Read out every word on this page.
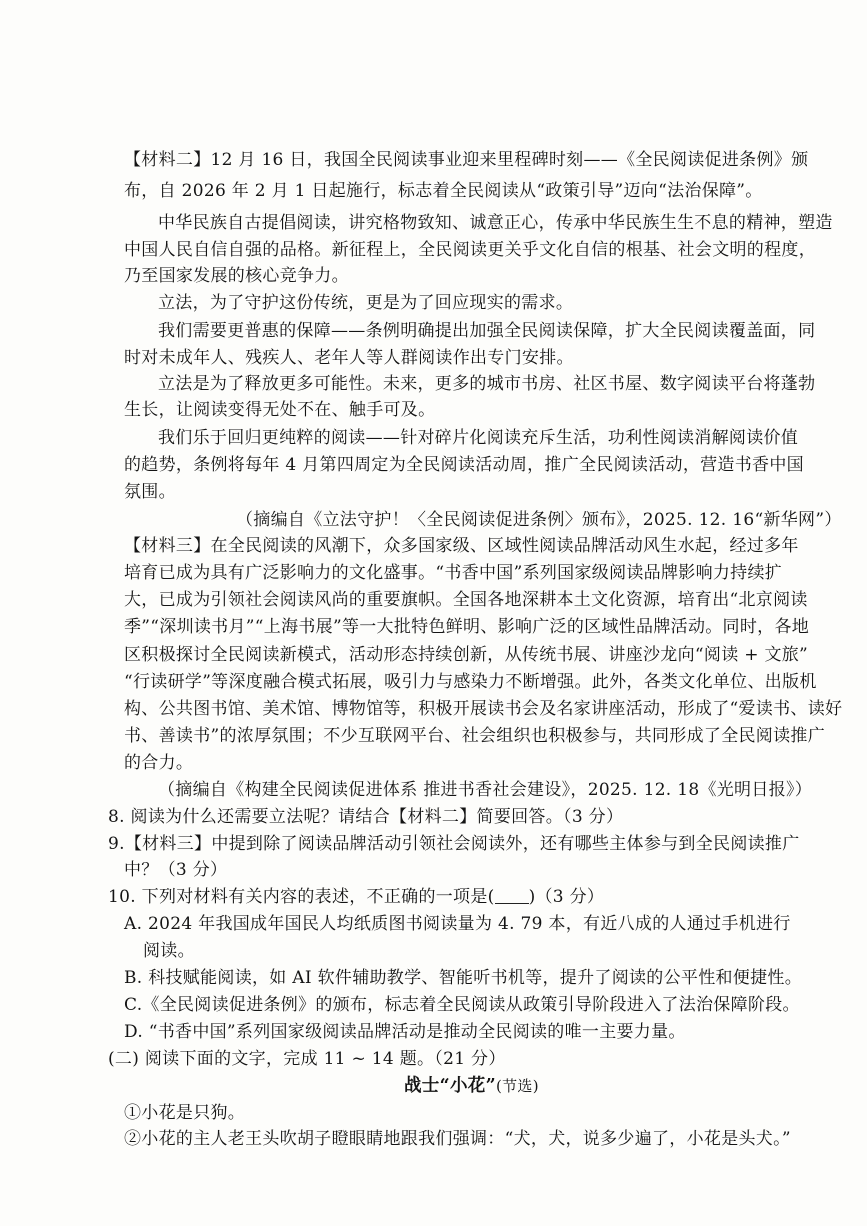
【材料二】12 月 16 日，我国全民阅读事业迎来里程碑时刻——《全民阅读促进条例》颁
布，自 2026 年 2 月 1 日起施行，标志着全民阅读从“政策引导”迈向“法治保障”。
中华民族自古提倡阅读，讲究格物致知、诚意正心，传承中华民族生生不息的精神，塑造
中国人民自信自强的品格。新征程上，全民阅读更关乎文化自信的根基、社会文明的程度，
乃至国家发展的核心竞争力。
立法，为了守护这份传统，更是为了回应现实的需求。
我们需要更普惠的保障——条例明确提出加强全民阅读保障，扩大全民阅读覆盖面，同
时对未成年人、残疾人、老年人等人群阅读作出专门安排。
立法是为了释放更多可能性。未来，更多的城市书房、社区书屋、数字阅读平台将蓬勃
生长，让阅读变得无处不在、触手可及。
我们乐于回归更纯粹的阅读——针对碎片化阅读充斥生活，功利性阅读消解阅读价值
的趋势，条例将每年 4 月第四周定为全民阅读活动周，推广全民阅读活动，营造书香中国
氛围。
（摘编自《立法守护！〈全民阅读促进条例〉颁布》，2025. 12. 16“新华网”）
【材料三】在全民阅读的风潮下，众多国家级、区域性阅读品牌活动风生水起，经过多年
培育已成为具有广泛影响力的文化盛事。“书香中国”系列国家级阅读品牌影响力持续扩
大，已成为引领社会阅读风尚的重要旗帜。全国各地深耕本土文化资源，培育出“北京阅读
季”“深圳读书月”“上海书展”等一大批特色鲜明、影响广泛的区域性品牌活动。同时，各地
区积极探讨全民阅读新模式，活动形态持续创新，从传统书展、讲座沙龙向“阅读 + 文旅”
“行读研学”等深度融合模式拓展，吸引力与感染力不断增强。此外，各类文化单位、出版机
构、公共图书馆、美术馆、博物馆等，积极开展读书会及名家讲座活动，形成了“爱读书、读好
书、善读书”的浓厚氛围；不少互联网平台、社会组织也积极参与，共同形成了全民阅读推广
的合力。
（摘编自《构建全民阅读促进体系 推进书香社会建设》，2025. 12. 18《光明日报》）
8. 阅读为什么还需要立法呢？请结合【材料二】简要回答。（3 分）
9.【材料三】中提到除了阅读品牌活动引领社会阅读外，还有哪些主体参与到全民阅读推广
中？（3 分）
10. 下列对材料有关内容的表述，不正确的一项是( )（3 分）
A. 2024 年我国成年国民人均纸质图书阅读量为 4. 79 本，有近八成的人通过手机进行
阅读。
B. 科技赋能阅读，如 AI 软件辅助教学、智能听书机等，提升了阅读的公平性和便捷性。
C.《全民阅读促进条例》的颁布，标志着全民阅读从政策引导阶段进入了法治保障阶段。
D. “书香中国”系列国家级阅读品牌活动是推动全民阅读的唯一主要力量。
(二) 阅读下面的文字，完成 11 ~ 14 题。（21 分）
战士“小花”(节选)
①小花是只狗。
②小花的主人老王头吹胡子瞪眼睛地跟我们强调：“犬，犬，说多少遍了，小花是头犬。”
